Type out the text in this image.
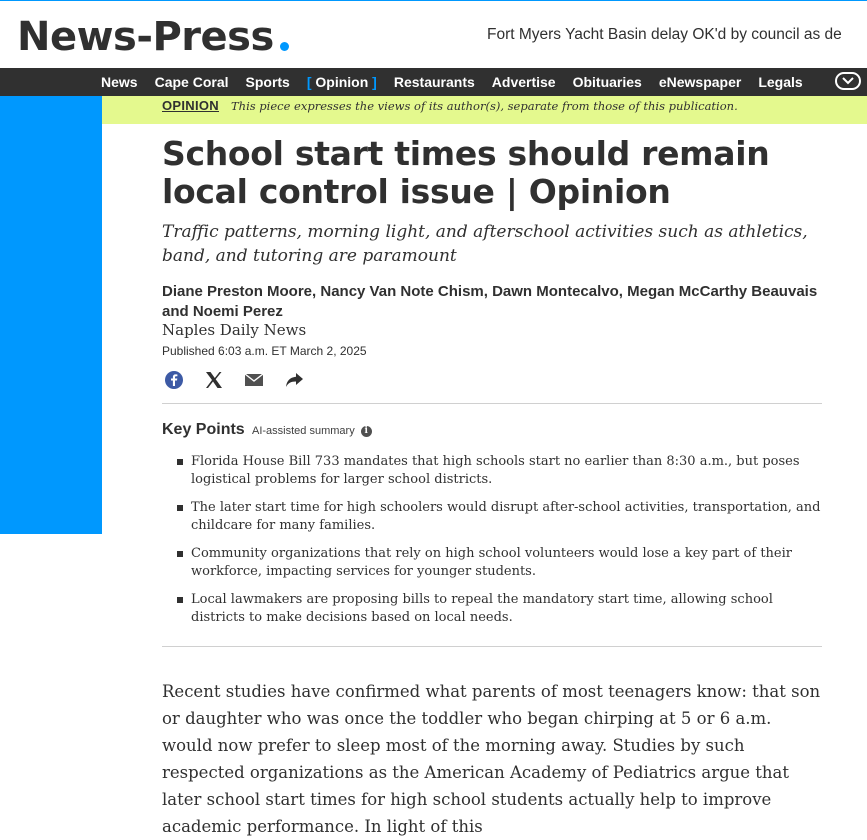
News-Press	Fort Myers Yacht Basin delay OK'd by council as de
News Cape Coral Sports
[	Opinion ]	Restaurants Advertise Obituaries eNewspaper Legals
OPINION This piece expresses the views of its author(s), separate from those of this publication.
School start times should remain local control issue | Opinion

Traffic patterns, morning light, and afterschool activities such as athletics, band, and tutoring are paramount

Diane Preston Moore, Nancy Van Note Chism, Dawn Montecalvo, Megan McCarthy Beauvais and Noemi Perez
Naples Daily News
Published 6:03 a.m. ET March 2, 2025
Key Points AI-assisted summary	i
Florida House Bill 733 mandates that high schools start no earlier than 8:30 a.m., but poses logistical problems for larger school districts.
The later start time for high schoolers would disrupt after-school activities, transportation, and childcare for many families.
Community organizations that rely on high school volunteers would lose a key part of their workforce, impacting services for younger students.
Local lawmakers are proposing bills to repeal the mandatory start time, allowing school districts to make decisions based on local needs.

Recent studies have confirmed what parents of most teenagers know: that son or daughter who was once the toddler who began chirping at 5 or 6 a.m. would now prefer to sleep most of the morning away. Studies by such respected organizations as the American Academy of Pediatrics argue that later school start times for high school students actually help to improve academic performance. In light of this
